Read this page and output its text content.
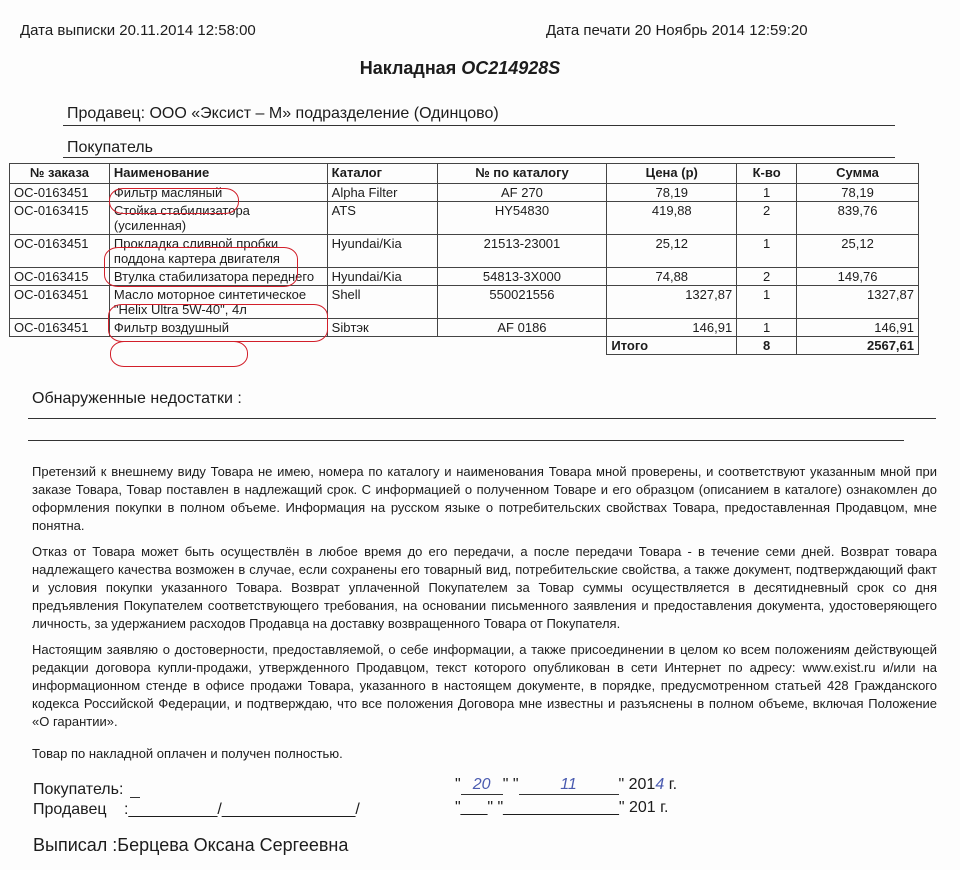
Дата выписки 20.11.2014 12:58:00	Дата печати 20 Ноябрь 2014 12:59:20
Накладная OC214928S
Продавец: ООО «Эксист – М» подразделение (Одинцово)
Покупатель
№ заказа	Наименование	Каталог	№ по каталогу	Цена (р)	К-во	Сумма
OC-0163451	Фильтр масляный	Alpha Filter	AF 270	78,19	1	78,19
OC-0163415	Стойка стабилизатора (усиленная)	ATS	HY54830	419,88	2	839,76
OC-0163451	Прокладка сливной пробки поддона картера двигателя	Hyundai/Kia	21513-23001	25,12	1	25,12
OC-0163415	Втулка стабилизатора переднего	Hyundai/Kia	54813-3X000	74,88	2	149,76
OC-0163451	Масло моторное синтетическое "Helix Ultra 5W-40", 4л	Shell	550021556	1327,87	1	1327,87
OC-0163451	Фильтр воздушный	Sibтэк	AF 0186	146,91	1	146,91
				Итого	8	2567,61
Обнаруженные недостатки :
Претензий к внешнему виду Товара не имею, номера по каталогу и наименования Товара мной проверены, и соответствуют указанным мной при заказе Товара, Товар поставлен в надлежащий срок. С информацией о полученном Товаре и его образцом (описанием в каталоге) ознакомлен до оформления покупки в полном объеме. Информация на русском языке о потребительских свойствах Товара, предоставленная Продавцом, мне понятна.
Отказ от Товара может быть осуществлён в любое время до его передачи, а после передачи Товара - в течение семи дней. Возврат товара надлежащего качества возможен в случае, если сохранены его товарный вид, потребительские свойства, а также документ, подтверждающий факт и условия покупки указанного Товара. Возврат уплаченной Покупателем за Товар суммы осуществляется в десятидневный срок со дня предъявления Покупателем соответствующего требования, на основании письменного заявления и предоставления документа, удостоверяющего личность, за удержанием расходов Продавца на доставку возвращенного Товара от Покупателя.
Настоящим заявляю о достоверности, предоставляемой, о себе информации, а также присоединении в целом ко всем положениям действующей редакции договора купли-продажи, утвержденного Продавцом, текст которого опубликован в сети Интернет по адресу: www.exist.ru и/или на информационном стенде в офисе продажи Товара, указанного в настоящем документе, в порядке, предусмотренном статьей 428 Гражданского кодекса Российской Федерации, и подтверждаю, что все положения Договора мне известны и разъяснены в полном объеме, включая Положение «О гарантии».
Товар по накладной оплачен и получен полностью.
Покупатель:
Продавец :__________/_______________/
" 20 " "	11	" 2014 г.
"___" "_____________" 201 г.
Выписал :Берцева Оксана Сергеевна
